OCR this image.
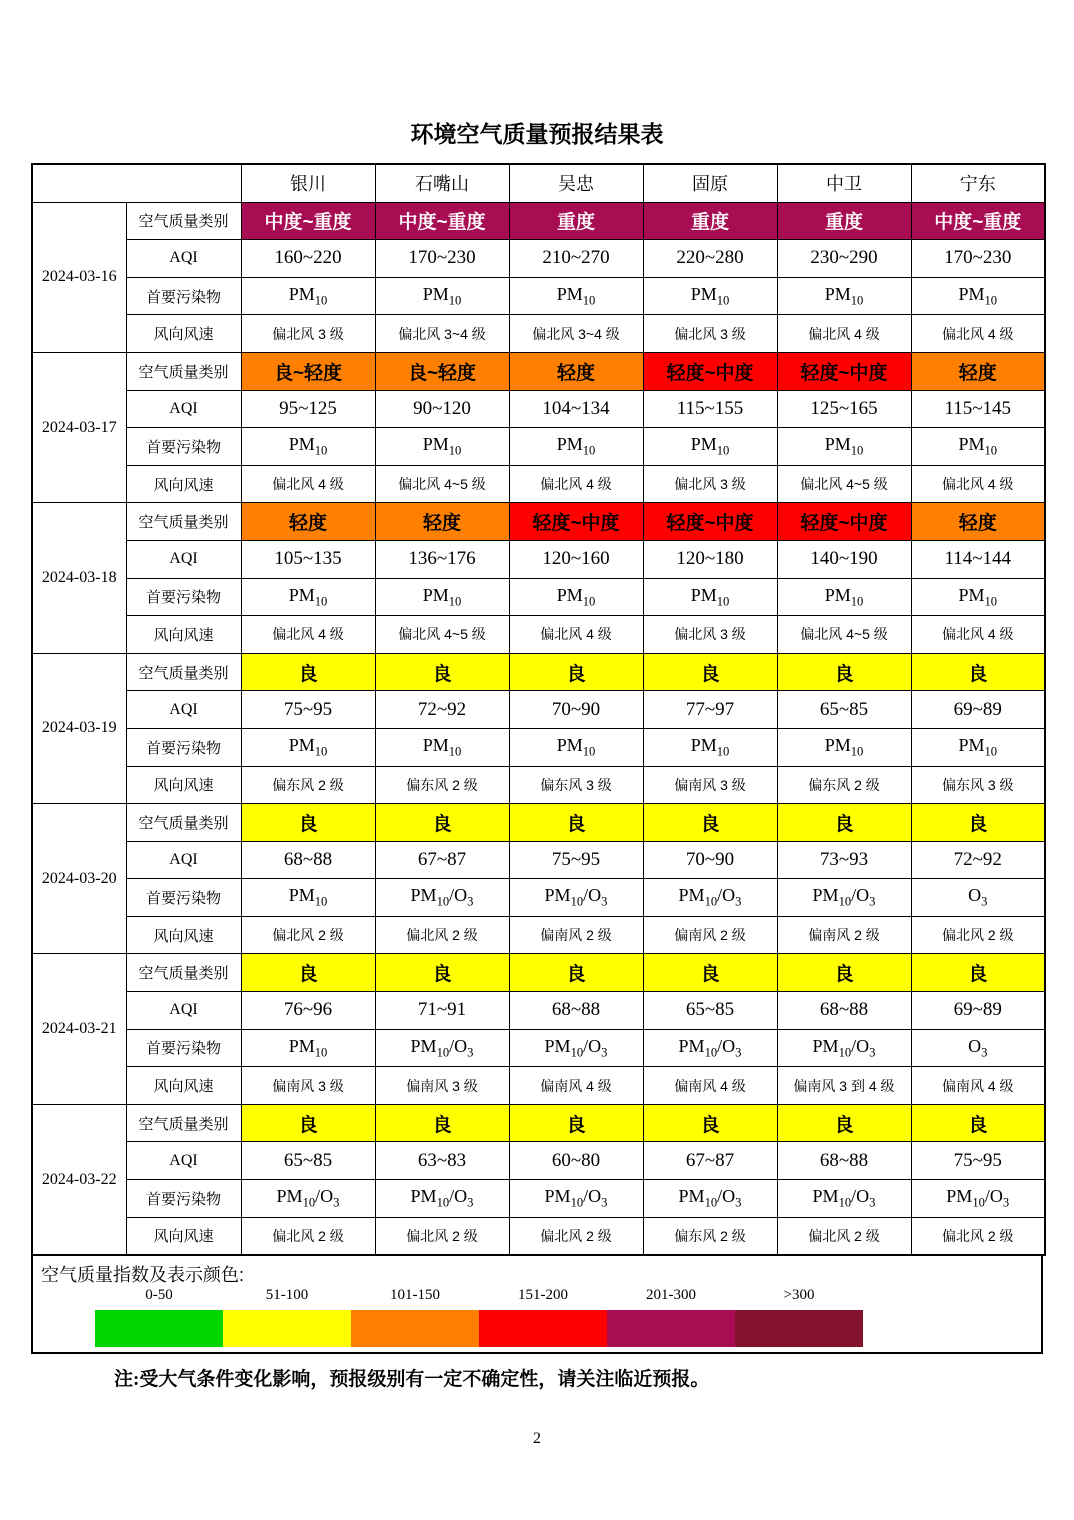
环境空气质量预报结果表
		银川	石嘴山	吴忠	固原	中卫	宁东
2024-03-16	空气质量类别	中度~重度	中度~重度	重度	重度	重度	中度~重度
	AQI	160~220	170~230	210~270	220~280	230~290	170~230
	首要污染物	$PM_{10}$	$PM_{10}$	$PM_{10}$	$PM_{10}$	$PM_{10}$	$PM_{10}$
	风向风速	偏北风 3 级	偏北风 3~4 级	偏北风 3~4 级	偏北风 3 级	偏北风 4 级	偏北风 4 级
2024-03-17	空气质量类别	良~轻度	良~轻度	轻度	轻度~中度	轻度~中度	轻度
	AQI	95~125	90~120	104~134	115~155	125~165	115~145
	首要污染物	$PM_{10}$	$PM_{10}$	$PM_{10}$	$PM_{10}$	$PM_{10}$	$PM_{10}$
	风向风速	偏北风 4 级	偏北风 4~5 级	偏北风 4 级	偏北风 3 级	偏北风 4~5 级	偏北风 4 级
2024-03-18	空气质量类别	轻度	轻度	轻度~中度	轻度~中度	轻度~中度	轻度
	AQI	105~135	136~176	120~160	120~180	140~190	114~144
	首要污染物	$PM_{10}$	$PM_{10}$	$PM_{10}$	$PM_{10}$	$PM_{10}$	$PM_{10}$
	风向风速	偏北风 4 级	偏北风 4~5 级	偏北风 4 级	偏北风 3 级	偏北风 4~5 级	偏北风 4 级
2024-03-19	空气质量类别	良	良	良	良	良	良
	AQI	75~95	72~92	70~90	77~97	65~85	69~89
	首要污染物	$PM_{10}$	$PM_{10}$	$PM_{10}$	$PM_{10}$	$PM_{10}$	$PM_{10}$
	风向风速	偏东风 2 级	偏东风 2 级	偏东风 3 级	偏南风 3 级	偏东风 2 级	偏东风 3 级
2024-03-20	空气质量类别	良	良	良	良	良	良
	AQI	68~88	67~87	75~95	70~90	73~93	72~92
	首要污染物	$PM_{10}$	$PM_{10}/O_3$	$PM_{10}/O_3$	$PM_{10}/O_3$	$PM_{10}/O_3$	$O_3$
	风向风速	偏北风 2 级	偏北风 2 级	偏南风 2 级	偏南风 2 级	偏南风 2 级	偏北风 2 级
2024-03-21	空气质量类别	良	良	良	良	良	良
	AQI	76~96	71~91	68~88	65~85	68~88	69~89
	首要污染物	$PM_{10}$	$PM_{10}/O_3$	$PM_{10}/O_3$	$PM_{10}/O_3$	$PM_{10}/O_3$	$O_3$
	风向风速	偏南风 3 级	偏南风 3 级	偏南风 4 级	偏南风 4 级	偏南风 3 到 4 级	偏南风 4 级
2024-03-22	空气质量类别	良	良	良	良	良	良
	AQI	65~85	63~83	60~80	67~87	68~88	75~95
	首要污染物	$PM_{10}/O_3$	$PM_{10}/O_3$	$PM_{10}/O_3$	$PM_{10}/O_3$	$PM_{10}/O_3$	$PM_{10}/O_3$
	风向风速	偏北风 2 级	偏北风 2 级	偏北风 2 级	偏东风 2 级	偏北风 2 级	偏北风 2 级
空气质量指数及表示颜色:
0-50	51-100	101-150	151-200	201-300	>300
注:受大气条件变化影响，预报级别有一定不确定性，请关注临近预报。
2
